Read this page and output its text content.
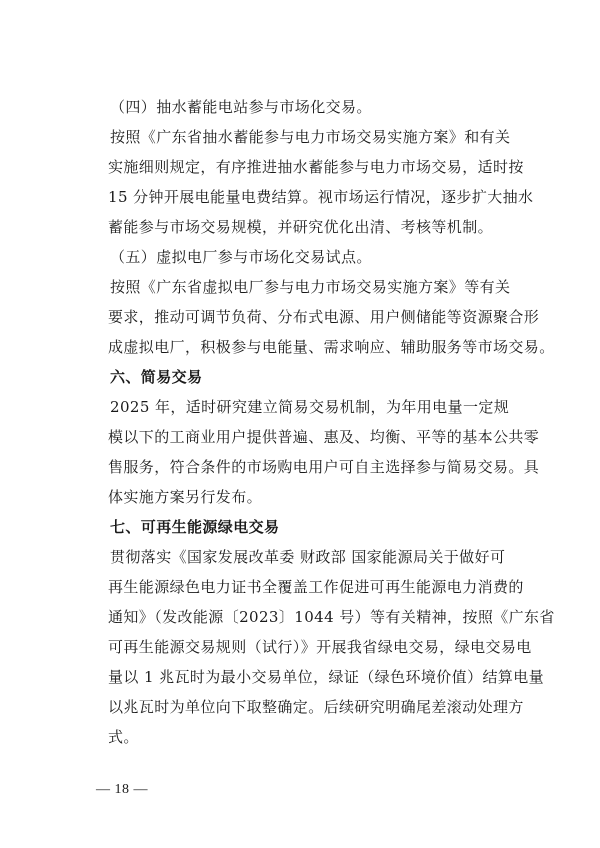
（四）抽水蓄能电站参与市场化交易。
按照《广东省抽水蓄能参与电力市场交易实施方案》和有关
实施细则规定，有序推进抽水蓄能参与电力市场交易，适时按
15 分钟开展电能量电费结算。视市场运行情况，逐步扩大抽水
蓄能参与市场交易规模，并研究优化出清、考核等机制。
（五）虚拟电厂参与市场化交易试点。
按照《广东省虚拟电厂参与电力市场交易实施方案》等有关
要求，推动可调节负荷、分布式电源、用户侧储能等资源聚合形
成虚拟电厂，积极参与电能量、需求响应、辅助服务等市场交易。
六、简易交易
2025 年，适时研究建立简易交易机制，为年用电量一定规
模以下的工商业用户提供普遍、惠及、均衡、平等的基本公共零
售服务，符合条件的市场购电用户可自主选择参与简易交易。具
体实施方案另行发布。
七、可再生能源绿电交易
贯彻落实《国家发展改革委 财政部 国家能源局关于做好可
再生能源绿色电力证书全覆盖工作促进可再生能源电力消费的
通知》（发改能源〔2023〕1044 号）等有关精神，按照《广东省
可再生能源交易规则（试行）》开展我省绿电交易，绿电交易电
量以 1 兆瓦时为最小交易单位，绿证（绿色环境价值）结算电量
以兆瓦时为单位向下取整确定。后续研究明确尾差滚动处理方
式。
— 18 —
